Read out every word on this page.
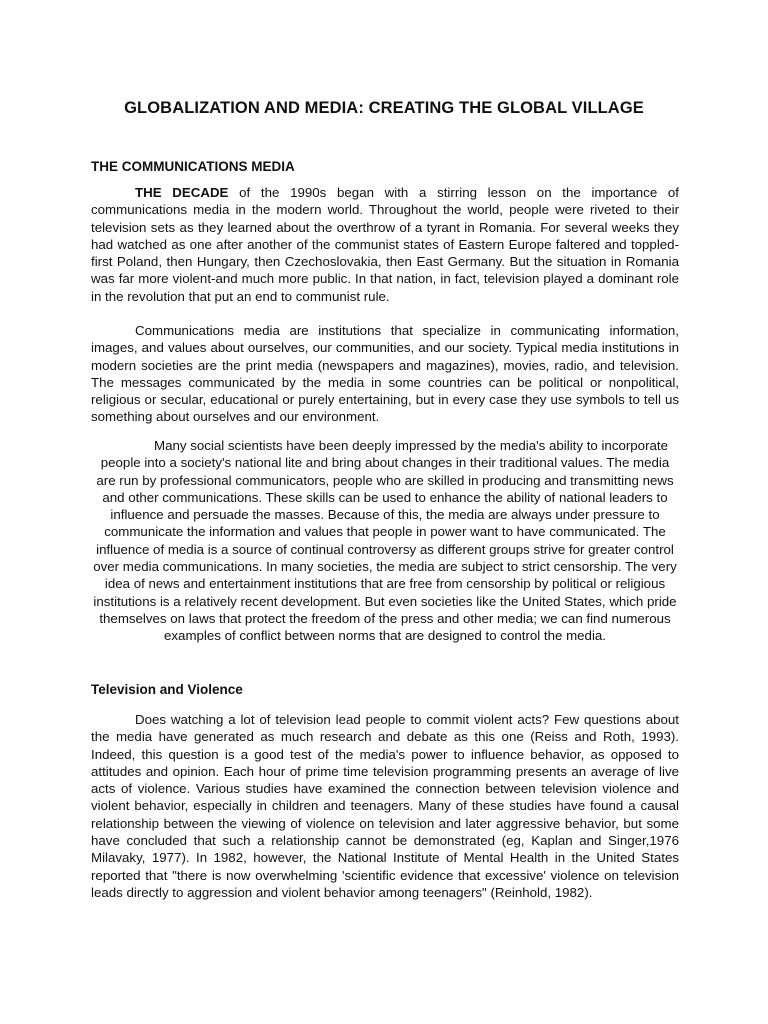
GLOBALIZATION AND MEDIA: CREATING THE GLOBAL VILLAGE
THE COMMUNICATIONS MEDIA

THE DECADE of the 1990s began with a stirring lesson on the importance of communications media in the modern world. Throughout the world, people were riveted to their television sets as they learned about the overthrow of a tyrant in Romania. For several weeks they had watched as one after another of the communist states of Eastern Europe faltered and toppled-first Poland, then Hungary, then Czechoslovakia, then East Germany. But the situation in Romania was far more violent-and much more public. In that nation, in fact, television played a dominant role in the revolution that put an end to communist rule.

Communications media are institutions that specialize in communicating information, images, and values about ourselves, our communities, and our society. Typical media institutions in modern societies are the print media (newspapers and magazines), movies, radio, and television. The messages communicated by the media in some countries can be political or nonpolitical, religious or secular, educational or purely entertaining, but in every case they use symbols to tell us something about ourselves and our environment.

Many social scientists have been deeply impressed by the media's ability to incorporate people into a society's national lite and bring about changes in their traditional values. The media are run by professional communicators, people who are skilled in producing and transmitting news and other communications. These skills can be used to enhance the ability of national leaders to influence and persuade the masses. Because of this, the media are always under pressure to communicate the information and values that people in power want to have communicated. The influence of media is a source of continual controversy as different groups strive for greater control over media communications. In many societies, the media are subject to strict censorship. The very idea of news and entertainment institutions that are free from censorship by political or religious institutions is a relatively recent development. But even societies like the United States, which pride themselves on laws that protect the freedom of the press and other media; we can find numerous examples of conflict between norms that are designed to control the media.

Television and Violence

Does watching a lot of television lead people to commit violent acts? Few questions about the media have generated as much research and debate as this one (Reiss and Roth, 1993). Indeed, this question is a good test of the media's power to influence behavior, as opposed to attitudes and opinion. Each hour of prime time television programming presents an average of live acts of violence. Various studies have examined the connection between television violence and violent behavior, especially in children and teenagers. Many of these studies have found a causal relationship between the viewing of violence on television and later aggressive behavior, but some have concluded that such a relationship cannot be demonstrated (eg, Kaplan and Singer,1976 Milavaky, 1977). In 1982, however, the National Institute of Mental Health in the United States reported that "there is now overwhelming 'scientific evidence that excessive' violence on television leads directly to aggression and violent behavior among teenagers" (Reinhold, 1982).
